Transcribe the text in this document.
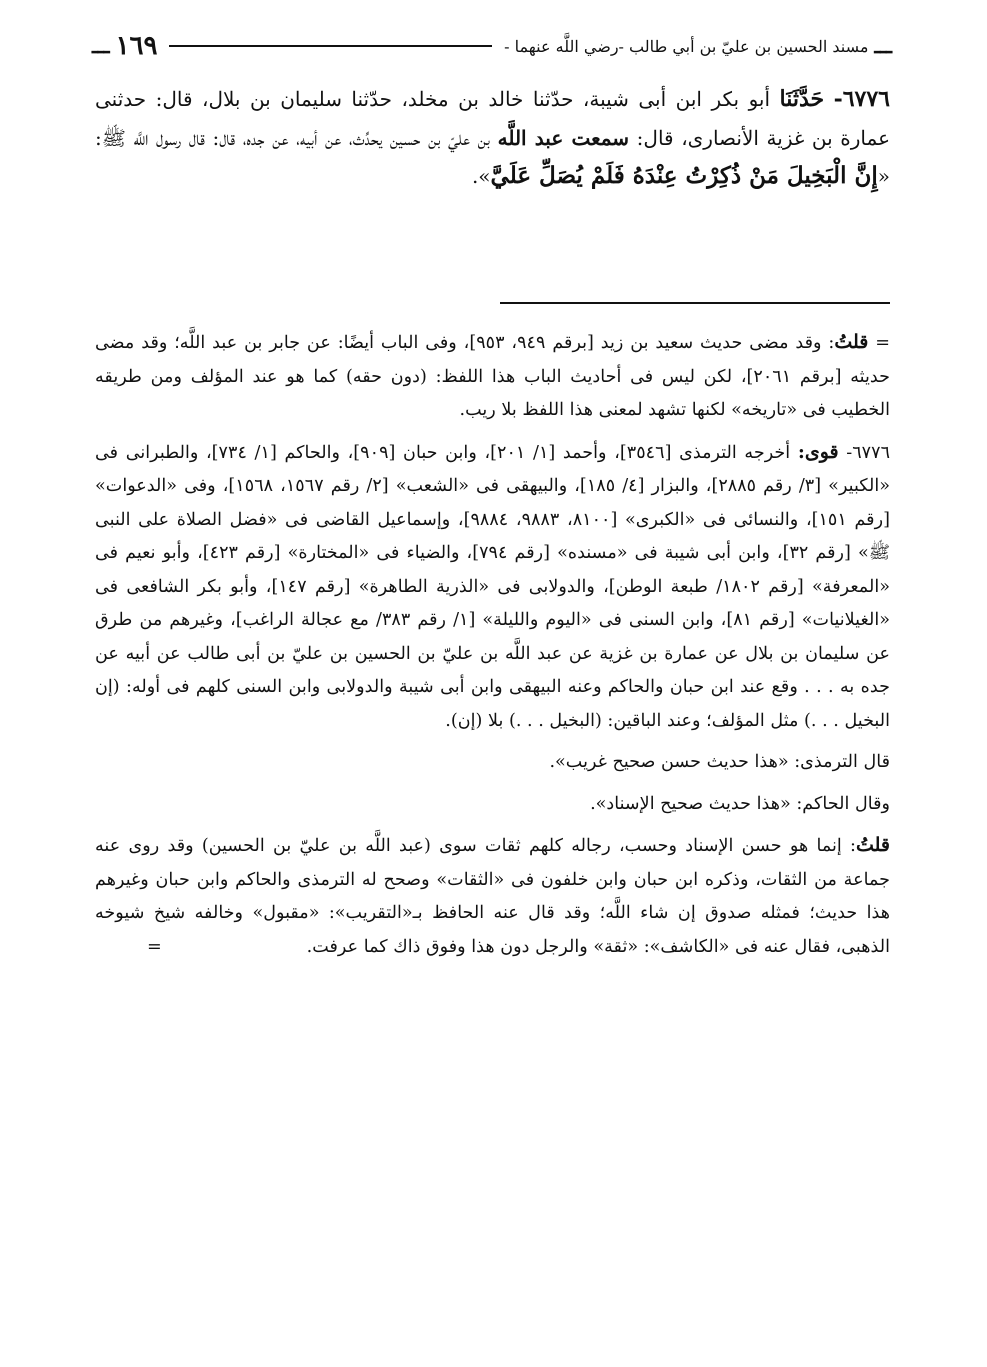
ـــ
مسند الحسين بن عليّ بن أبي طالب -رضي اللَّه عنهما -
١٦٩
ـــ
٦٧٧٦- حَدَّثَنَا أبو بكر ابن أبى شيبة، حدّثنا خالد بن مخلد، حدّثنا سليمان بن بلال، قال: حدثنى عمارة بن غزية الأنصارى، قال: سمعت عبد اللَّه بن عليّ بن حسين يحدِّث، عن أبيه، عن جده، قال: قال رسول اللَّه ﷺ: «إِنَّ الْبَخِيلَ مَنْ ذُكِرْتُ عِنْدَهُ فَلَمْ يُصَلِّ عَلَيَّ».

= قلتُ: وقد مضى حديث سعيد بن زيد [برقم ٩٤٩، ٩٥٣]، وفى الباب أيضًا: عن جابر بن عبد اللَّه؛ وقد مضى حديثه [برقم ٢٠٦١]، لكن ليس فى أحاديث الباب هذا اللفظ: (دون حقه) كما هو عند المؤلف ومن طريقه الخطيب فى «تاريخه» لكنها تشهد لمعنى هذا اللفظ بلا ريب.

٦٧٧٦- قوى: أخرجه الترمذى [٣٥٤٦]، وأحمد [١/ ٢٠١]، وابن حبان [٩٠٩]، والحاكم [١/ ٧٣٤]، والطبرانى فى «الكبير» [٣/ رقم ٢٨٨٥]، والبزار [٤/ ١٨٥]، والبيهقى فى «الشعب» [٢/ رقم ١٥٦٧، ١٥٦٨]، وفى «الدعوات» [رقم ١٥١]، والنسائى فى «الكبرى» [٨١٠٠، ٩٨٨٣، ٩٨٨٤]، وإسماعيل القاضى فى «فضل الصلاة على النبى ﷺ» [رقم ٣٢]، وابن أبى شيبة فى «مسنده» [رقم ٧٩٤]، والضياء فى «المختارة» [رقم ٤٢٣]، وأبو نعيم فى «المعرفة» [رقم ١٨٠٢/ طبعة الوطن]، والدولابى فى «الذرية الطاهرة» [رقم ١٤٧]، وأبو بكر الشافعى فى «الغيلانيات» [رقم ٨١]، وابن السنى فى «اليوم والليلة» [١/ رقم ٣٨٣/ مع عجالة الراغب]، وغيرهم من طرق عن سليمان بن بلال عن عمارة بن غزية عن عبد اللَّه بن عليّ بن الحسين بن عليّ بن أبى طالب عن أبيه عن جده به . . . وقع عند ابن حبان والحاكم وعنه البيهقى وابن أبى شيبة والدولابى وابن السنى كلهم فى أوله: (إن البخيل . . .) مثل المؤلف؛ وعند الباقين: (البخيل . . .) بلا (إن).

قال الترمذى: «هذا حديث حسن صحيح غريب».

وقال الحاكم: «هذا حديث صحيح الإسناد».

قلتُ: إنما هو حسن الإسناد وحسب، رجاله كلهم ثقات سوى (عبد اللَّه بن عليّ بن الحسين) وقد روى عنه جماعة من الثقات، وذكره ابن حبان وابن خلفون فى «الثقات» وصحح له الترمذى والحاكم وابن حبان وغيرهم هذا حديث؛ فمثله صدوق إن شاء اللَّه؛ وقد قال عنه الحافظ بـ«التقريب»: «مقبول» وخالفه شيخ شيوخه الذهبى، فقال عنه فى «الكاشف»: «ثقة» والرجل دون هذا وفوق ذاك كما عرفت.
=
